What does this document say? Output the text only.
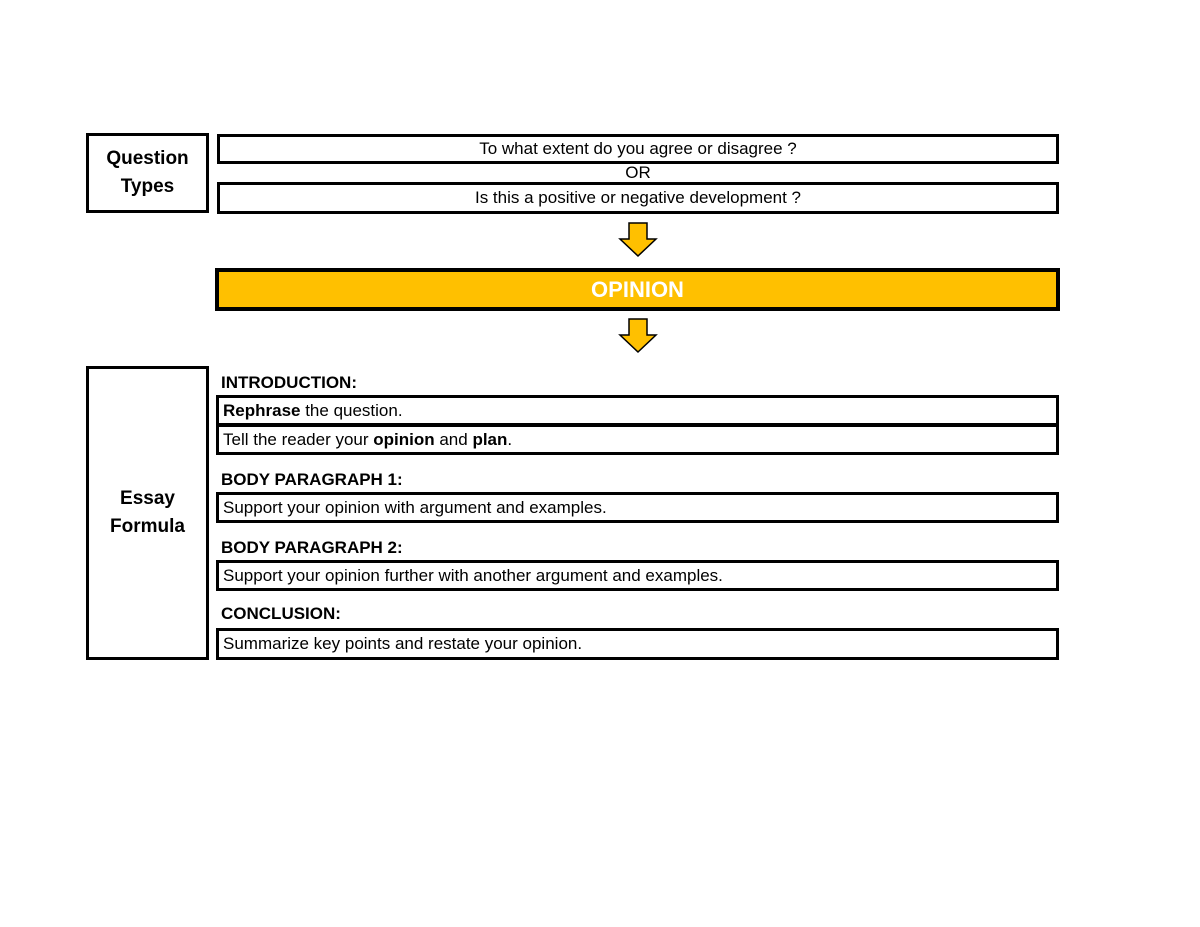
Question
Types
To what extent do you agree or disagree ?
OR
Is this a positive or negative development ?
OPINION
Essay
Formula
INTRODUCTION:
Rephrase the question.
Tell the reader your opinion and plan.
BODY PARAGRAPH 1:
Support your opinion with argument and examples.
BODY PARAGRAPH 2:
Support your opinion further with another argument and examples.
CONCLUSION:
Summarize key points and restate your opinion.
